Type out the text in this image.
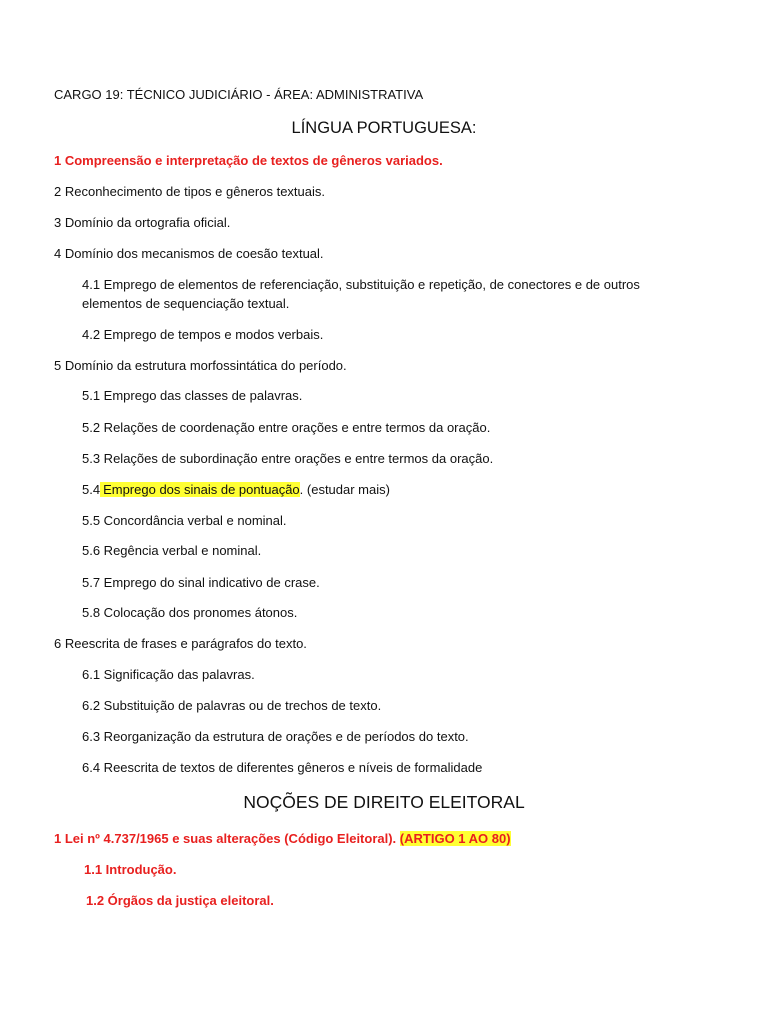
CARGO 19: TÉCNICO JUDICIÁRIO - ÁREA: ADMINISTRATIVA
LÍNGUA PORTUGUESA:
1 Compreensão e interpretação de textos de gêneros variados.
2 Reconhecimento de tipos e gêneros textuais.
3 Domínio da ortografia oficial.
4 Domínio dos mecanismos de coesão textual.
4.1 Emprego de elementos de referenciação, substituição e repetição, de conectores e de outros
elementos de sequenciação textual.
4.2 Emprego de tempos e modos verbais.
5 Domínio da estrutura morfossintática do período.
5.1 Emprego das classes de palavras.
5.2 Relações de coordenação entre orações e entre termos da oração.
5.3 Relações de subordinação entre orações e entre termos da oração.
5.4 Emprego dos sinais de pontuação. (estudar mais)
5.5 Concordância verbal e nominal.
5.6 Regência verbal e nominal.
5.7 Emprego do sinal indicativo de crase.
5.8 Colocação dos pronomes átonos.
6 Reescrita de frases e parágrafos do texto.
6.1 Significação das palavras.
6.2 Substituição de palavras ou de trechos de texto.
6.3 Reorganização da estrutura de orações e de períodos do texto.
6.4 Reescrita de textos de diferentes gêneros e níveis de formalidade
NOÇÕES DE DIREITO ELEITORAL
1 Lei nº 4.737/1965 e suas alterações (Código Eleitoral). (ARTIGO 1 AO 80)
1.1 Introdução.
1.2 Órgãos da justiça eleitoral.
